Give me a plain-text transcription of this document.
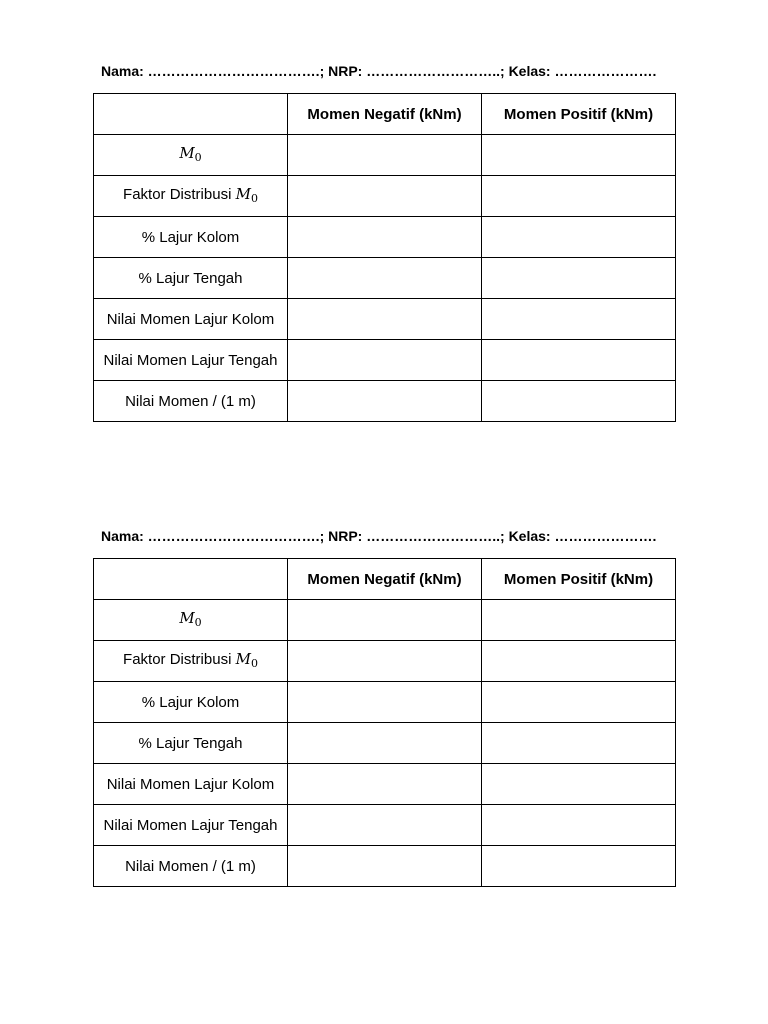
Nama: ……………………………….; NRP: ………………………..; Kelas: ………………….
	Momen Negatif (kNm)	Momen Positif (kNm)
$M_0$		
Faktor Distribusi $M_0$		
% Lajur Kolom		
% Lajur Tengah		
Nilai Momen Lajur Kolom		
Nilai Momen Lajur Tengah		
Nilai Momen / (1 m)		
Nama: ……………………………….; NRP: ………………………..; Kelas: ………………….
	Momen Negatif (kNm)	Momen Positif (kNm)
$M_0$		
Faktor Distribusi $M_0$		
% Lajur Kolom		
% Lajur Tengah		
Nilai Momen Lajur Kolom		
Nilai Momen Lajur Tengah		
Nilai Momen / (1 m)		
